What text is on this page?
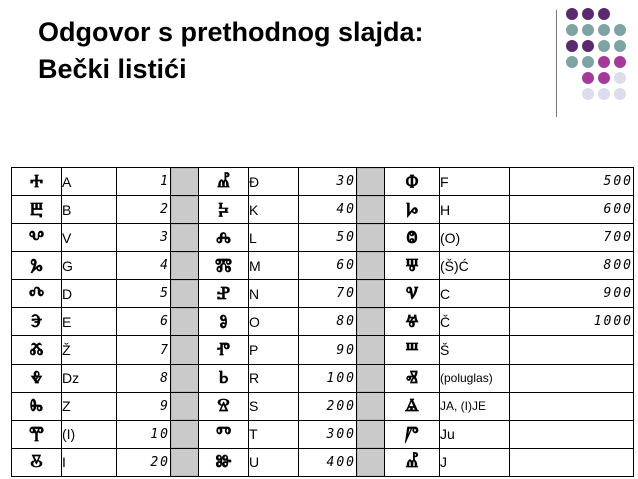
Odgovor s prethodnog slajda:
Bečki listići
Ⰰ	A	1		Ⰼ	Đ	30		Ⱇ	F	500
Ⰱ	B	2		Ⰽ	K	40		Ⱈ	H	600
Ⰲ	V	3		Ⰾ	L	50		Ⱉ	(O)	700
Ⰳ	G	4		Ⰿ	M	60		Ⱋ	(Š)Ć	800
Ⰴ	D	5		Ⱀ	N	70		Ⱌ	C	900
Ⰵ	E	6		Ⱁ	O	80		Ⱍ	Č	1000
Ⰶ	Ž	7		Ⱂ	P	90		Ⱎ	Š	
Ⰷ	Dz	8		Ⱃ	R	100		Ⱏ	(poluglas)	
Ⰸ	Z	9		Ⱄ	S	200		Ⱑ	JA, (I)JE	
Ⰹ	(I)	10		Ⱅ	T	300		Ⱓ	Ju	
Ⰻ	I	20		Ⱆ	U	400		Ⰼ	J	
